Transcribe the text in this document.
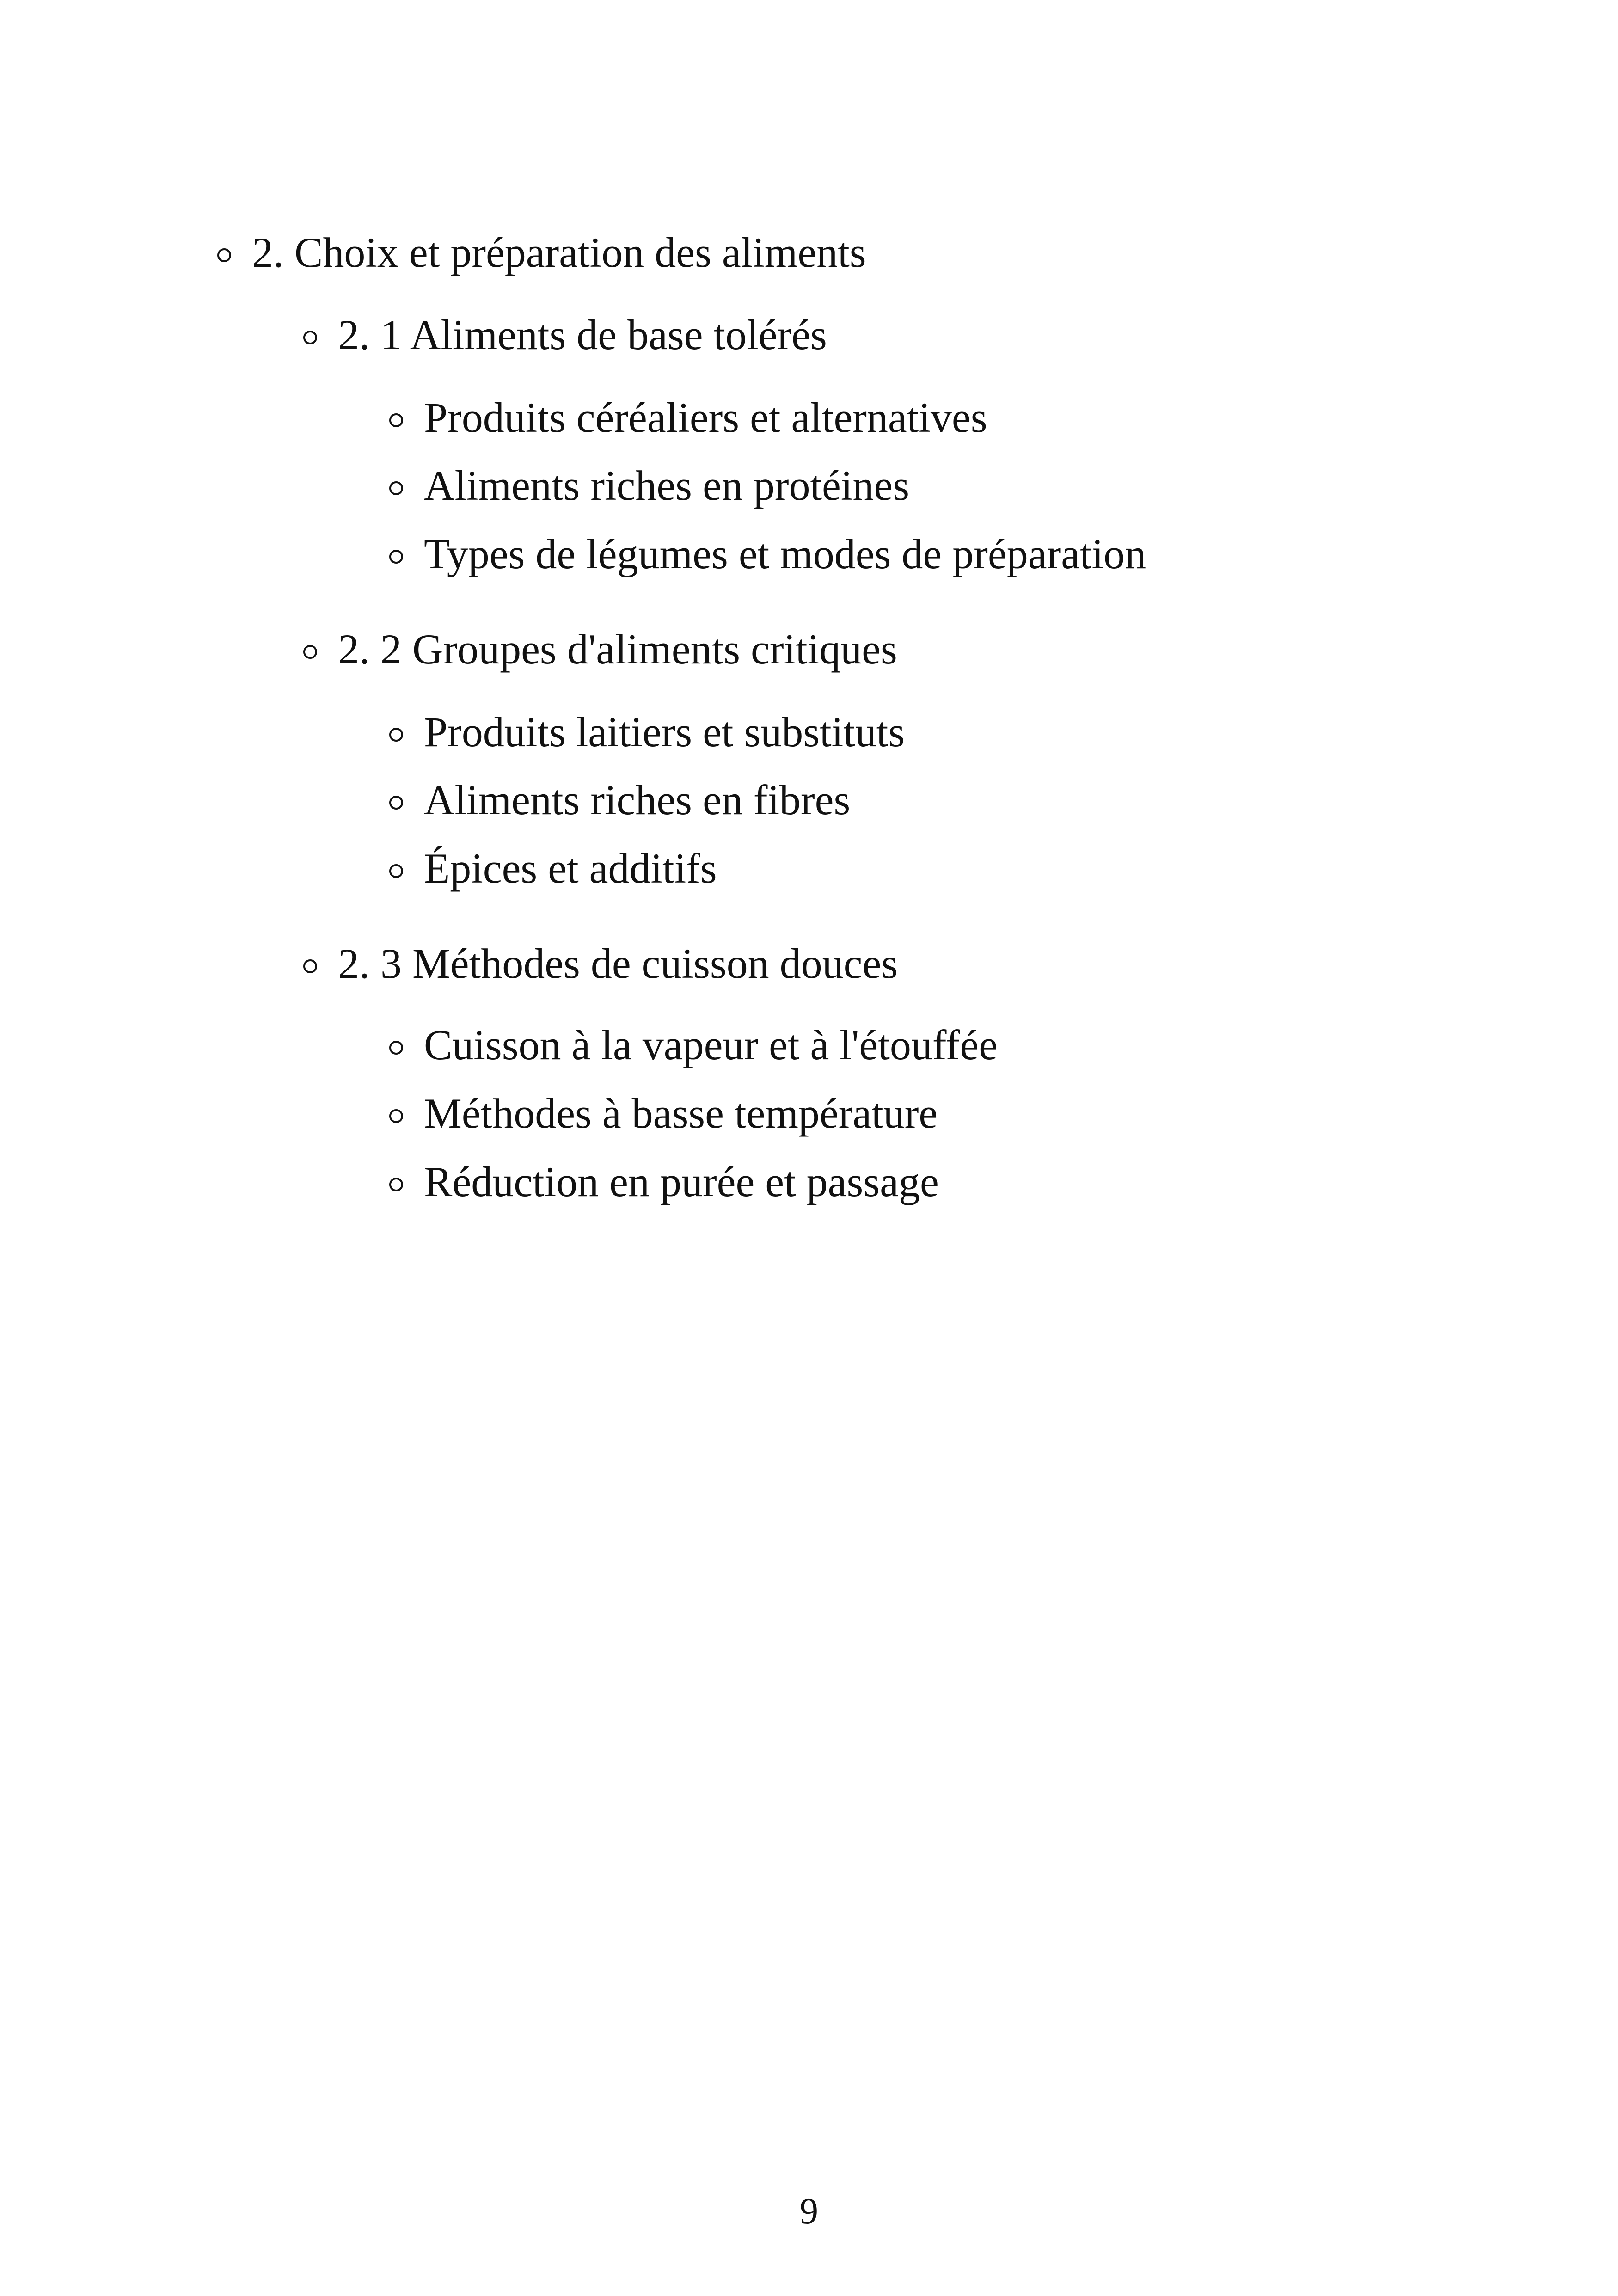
2. Choix et préparation des aliments
2. 1 Aliments de base tolérés
Produits céréaliers et alternatives
Aliments riches en protéines
Types de légumes et modes de préparation
2. 2 Groupes d'aliments critiques
Produits laitiers et substituts
Aliments riches en fibres
Épices et additifs
2. 3 Méthodes de cuisson douces
Cuisson à la vapeur et à l'étouffée
Méthodes à basse température
Réduction en purée et passage
9
